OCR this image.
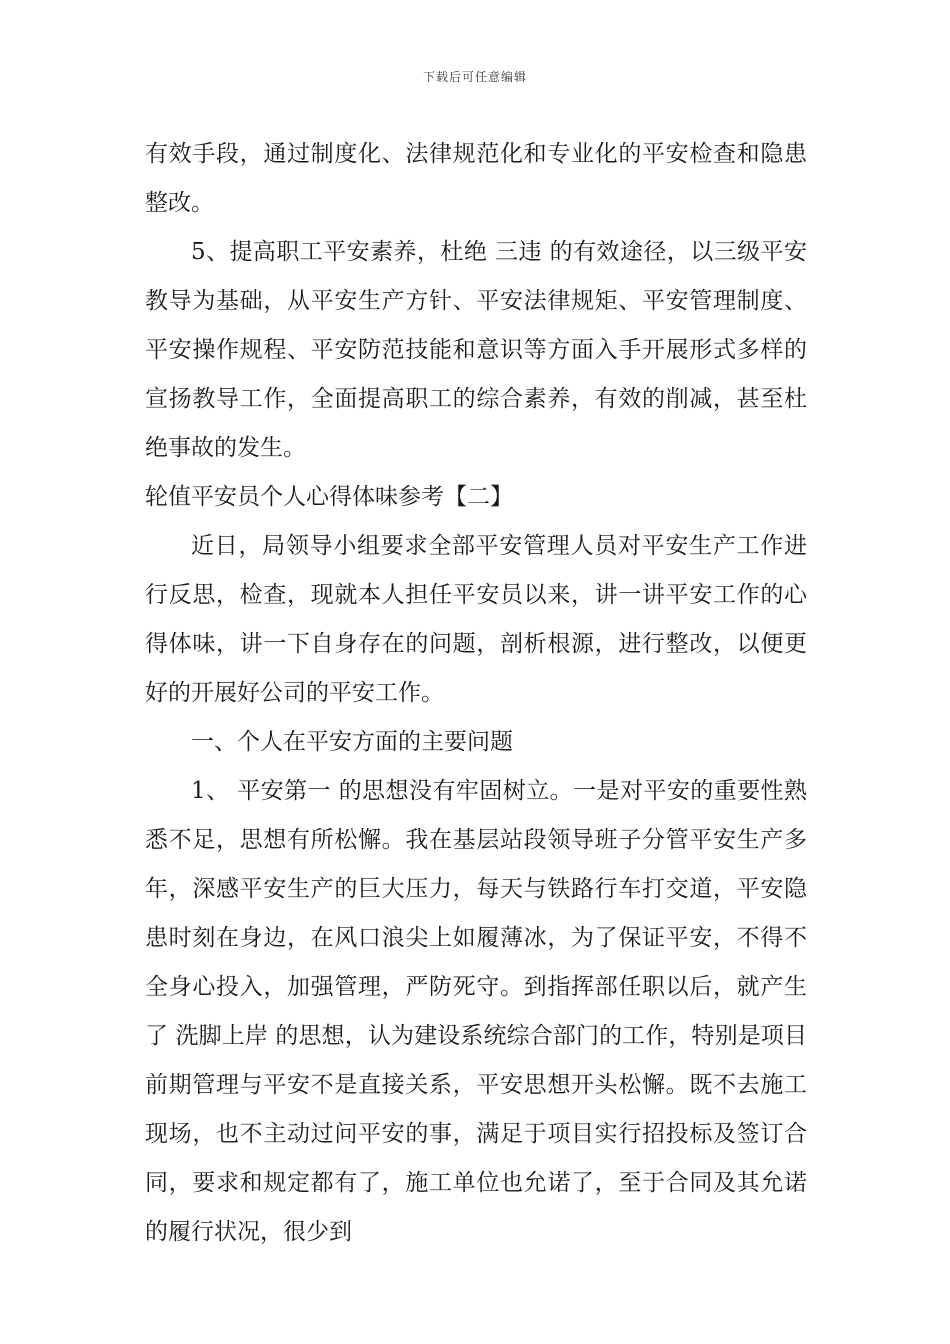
下载后可任意编辑

有效手段，通过制度化、法律规范化和专业化的平安检查和隐患整改。

5、提高职工平安素养，杜绝 三违 的有效途径，以三级平安教导为基础，从平安生产方针、平安法律规矩、平安管理制度、平安操作规程、平安防范技能和意识等方面入手开展形式多样的宣扬教导工作，全面提高职工的综合素养，有效的削减，甚至杜绝事故的发生。

轮值平安员个人心得体味参考【二】

近日，局领导小组要求全部平安管理人员对平安生产工作进行反思，检查，现就本人担任平安员以来，讲一讲平安工作的心得体味，讲一下自身存在的问题，剖析根源，进行整改，以便更好的开展好公司的平安工作。

一、个人在平安方面的主要问题

1、 平安第一 的思想没有牢固树立。一是对平安的重要性熟悉不足，思想有所松懈。我在基层站段领导班子分管平安生产多年，深感平安生产的巨大压力，每天与铁路行车打交道，平安隐患时刻在身边，在风口浪尖上如履薄冰，为了保证平安，不得不全身心投入，加强管理，严防死守。到指挥部任职以后，就产生了 洗脚上岸 的思想，认为建设系统综合部门的工作，特别是项目前期管理与平安不是直接关系，平安思想开头松懈。既不去施工现场，也不主动过问平安的事，满足于项目实行招投标及签订合同，要求和规定都有了，施工单位也允诺了，至于合同及其允诺的履行状况，很少到
